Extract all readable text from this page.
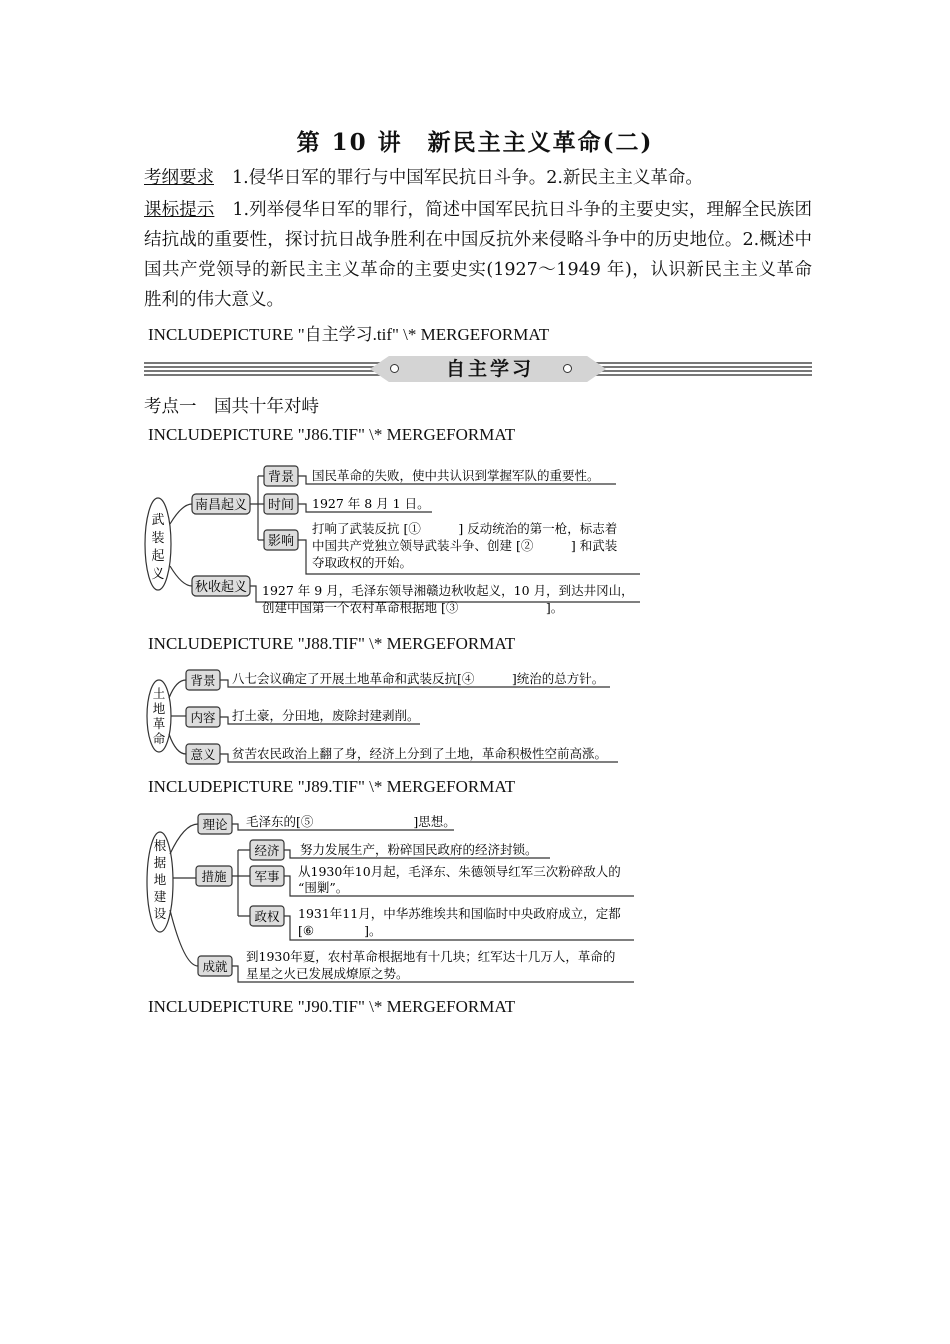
第 10 讲　新民主主义革命(二)
考纲要求 1.侵华日军的罪行与中国军民抗日斗争。2.新民主主义革命。
课标提示 1.列举侵华日军的罪行，简述中国军民抗日斗争的主要史实，理解全民族团结抗战的重要性，探讨抗日战争胜利在中国反抗外来侵略斗争中的历史地位。2.概述中国共产党领导的新民主主义革命的主要史实(1927～1949 年)，认识新民主主义革命胜利的伟大意义。
INCLUDEPICTURE "自主学习.tif" \* MERGEFORMAT
自主学习
考点一　国共十年对峙
INCLUDEPICTURE "J86.TIF" \* MERGEFORMAT
武
装
起
义
南昌起义
秋收起义
背景
时间
影响
国民革命的失败，使中共认识到掌握军队的重要性。
1927 年 8 月 1 日。
打响了武装反抗 [①　　　] 反动统治的第一枪，标志着
中国共产党独立领导武装斗争、创建 [②　　　] 和武装
夺取政权的开始。
1927 年 9 月，毛泽东领导湘赣边秋收起义，10 月，到达井冈山，
创建中国第一个农村革命根据地 [③　　　　　　　]。
INCLUDEPICTURE "J88.TIF" \* MERGEFORMAT
土
地
革
命
背景
内容
意义
八七会议确定了开展土地革命和武装反抗[④　　　]统治的总方针。
打土豪，分田地，废除封建剥削。
贫苦农民政治上翻了身，经济上分到了土地，革命积极性空前高涨。
INCLUDEPICTURE "J89.TIF" \* MERGEFORMAT
根
据
地
建
设
理论
措施
成就
经济
军事
政权
毛泽东的[⑤　　　　　　　　]思想。
努力发展生产，粉碎国民政府的经济封锁。
从1930年10月起，毛泽东、朱德领导红军三次粉碎敌人的
“围剿”。
1931年11月，中华苏维埃共和国临时中央政府成立，定都
[⑥　　　　]。
到1930年夏，农村革命根据地有十几块；红军达十几万人，革命的
星星之火已发展成燎原之势。
INCLUDEPICTURE "J90.TIF" \* MERGEFORMAT
